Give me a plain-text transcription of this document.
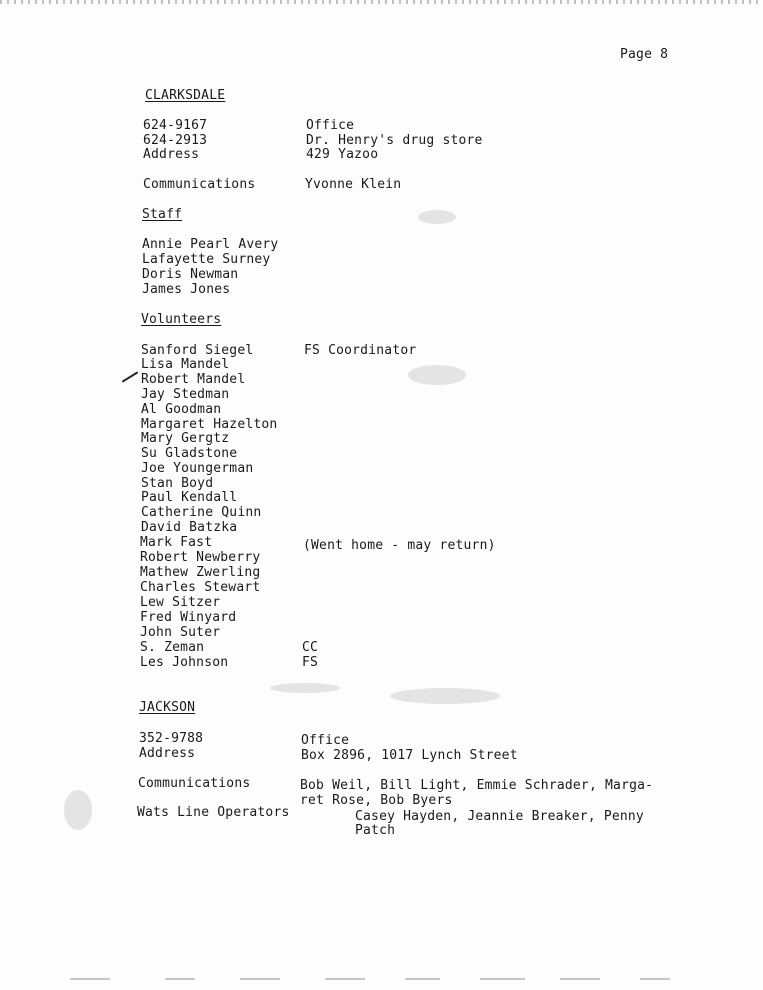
Page 8
CLARKSDALE
624-9167	Office
624-2913	Dr. Henry's drug store
Address	429 Yazoo
Communications	Yvonne Klein
Staff
Annie Pearl Avery
Lafayette Surney
Doris Newman
James Jones
Volunteers
Sanford Siegel	FS Coordinator
Lisa Mandel
Robert Mandel
Jay Stedman
Al Goodman
Margaret Hazelton
Mary Gergtz
Su Gladstone
Joe Youngerman
Stan Boyd
Paul Kendall
Catherine Quinn
David Batzka
Mark Fast	(Went home - may return)
Robert Newberry
Mathew Zwerling
Charles Stewart
Lew Sitzer
Fred Winyard
John Suter
S. Zeman	CC
Les Johnson	FS
JACKSON
352-9788	Office
Address	Box 2896, 1017 Lynch Street
Communications	Bob Weil, Bill Light, Emmie Schrader, Marga-
ret Rose, Bob Byers
Wats Line Operators	Casey Hayden, Jeannie Breaker, Penny
Patch
